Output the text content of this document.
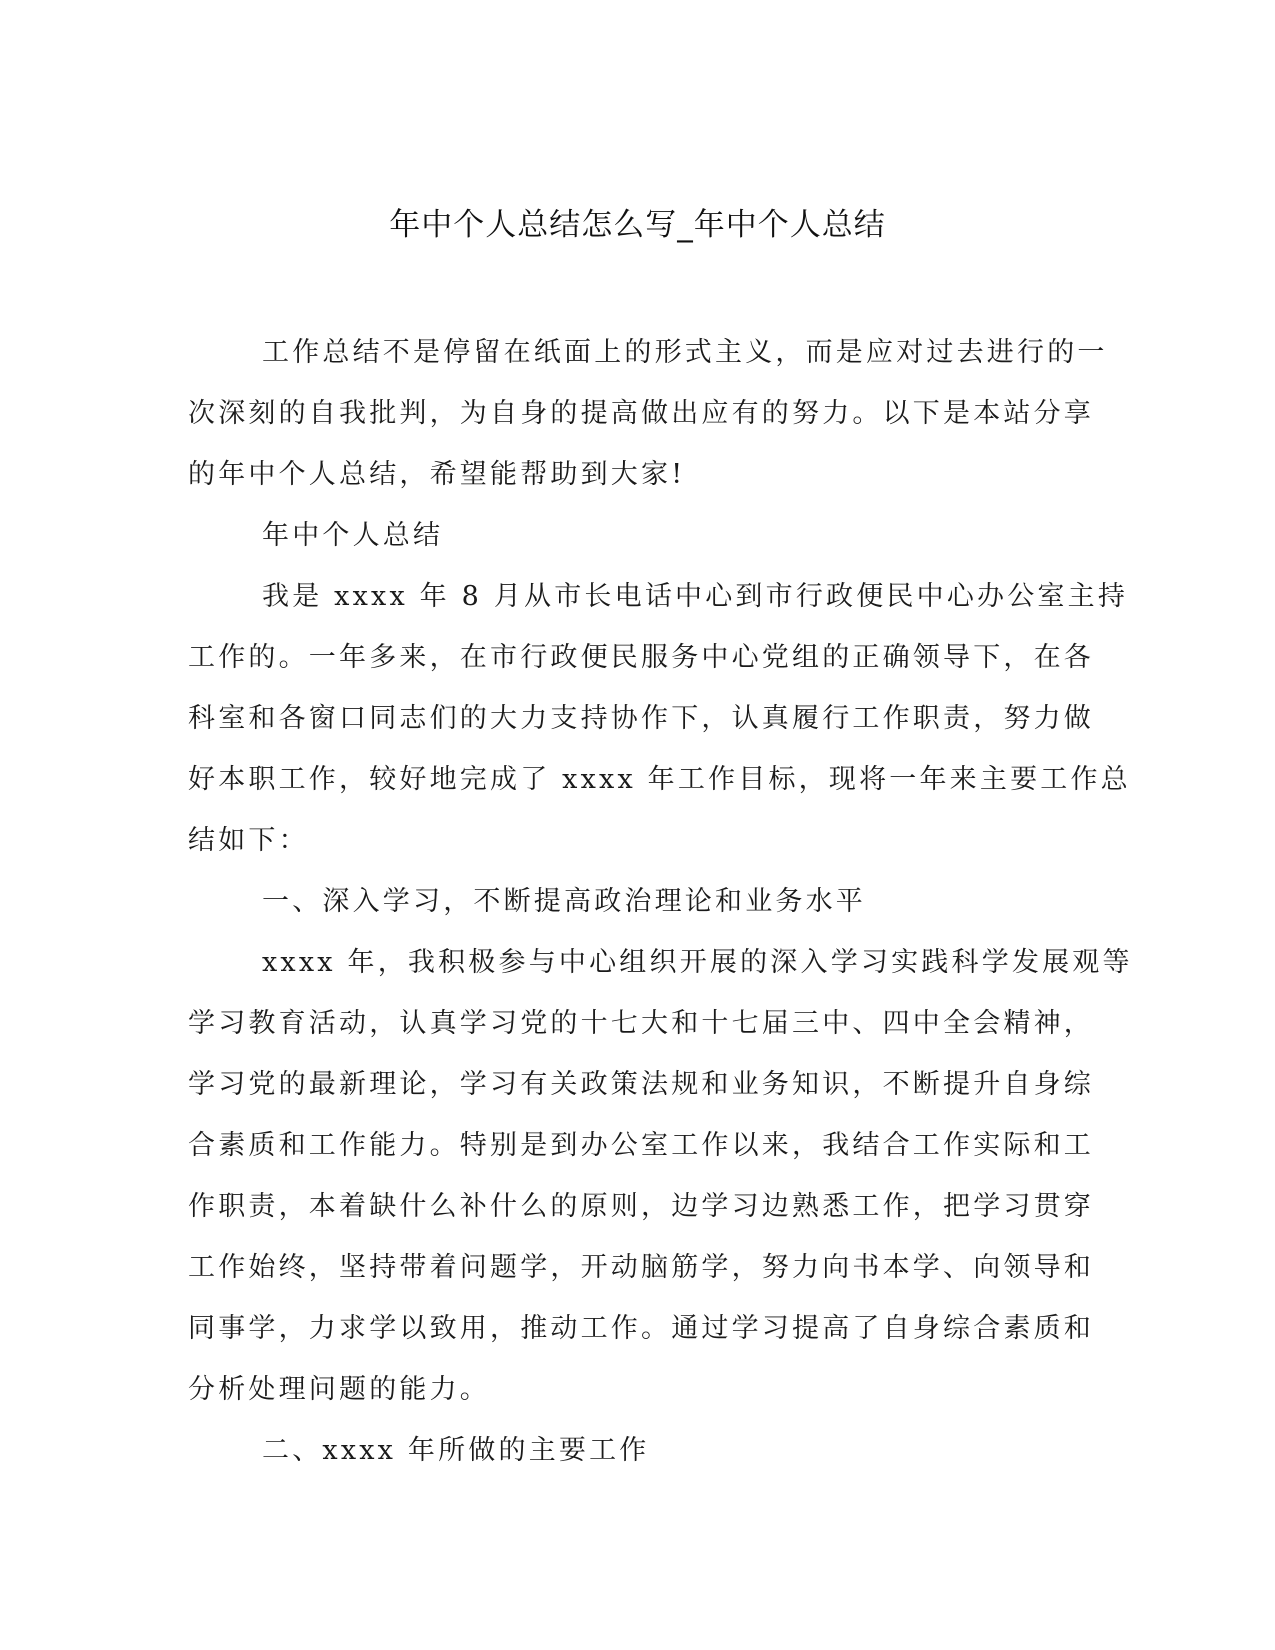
年中个人总结怎么写_年中个人总结

工作总结不是停留在纸面上的形式主义，而是应对过去进行的一
次深刻的自我批判，为自身的提高做出应有的努力。以下是本站分享
的年中个人总结，希望能帮助到大家!

年中个人总结

我是 xxxx 年 8 月从市长电话中心到市行政便民中心办公室主持
工作的。一年多来，在市行政便民服务中心党组的正确领导下，在各
科室和各窗口同志们的大力支持协作下，认真履行工作职责，努力做
好本职工作，较好地完成了 xxxx 年工作目标，现将一年来主要工作总
结如下：

一、深入学习，不断提高政治理论和业务水平

xxxx 年，我积极参与中心组织开展的深入学习实践科学发展观等
学习教育活动，认真学习党的十七大和十七届三中、四中全会精神，
学习党的最新理论，学习有关政策法规和业务知识，不断提升自身综
合素质和工作能力。特别是到办公室工作以来，我结合工作实际和工
作职责，本着缺什么补什么的原则，边学习边熟悉工作，把学习贯穿
工作始终，坚持带着问题学，开动脑筋学，努力向书本学、向领导和
同事学，力求学以致用，推动工作。通过学习提高了自身综合素质和
分析处理问题的能力。

二、xxxx 年所做的主要工作
